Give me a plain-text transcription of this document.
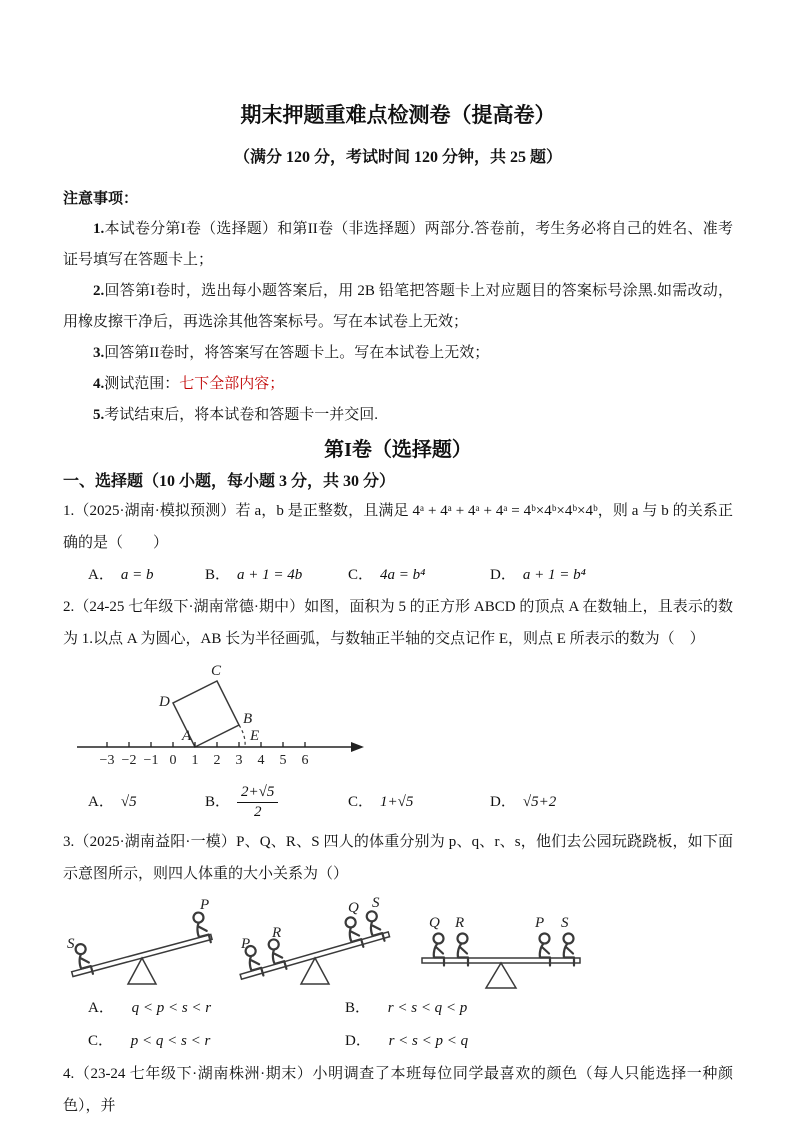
期末押题重难点检测卷（提高卷）
（满分 120 分，考试时间 120 分钟，共 25 题）
注意事项：

1.本试卷分第I卷（选择题）和第II卷（非选择题）两部分.答卷前，考生务必将自己的姓名、准考证号填写在答题卡上；

2.回答第I卷时，选出每小题答案后，用 2B 铅笔把答题卡上对应题目的答案标号涂黑.如需改动，用橡皮擦干净后，再选涂其他答案标号。写在本试卷上无效；

3.回答第II卷时，将答案写在答题卡上。写在本试卷上无效；

4.测试范围：七下全部内容；

5.考试结束后，将本试卷和答题卡一并交回.

第I卷（选择题）
一、选择题（10 小题，每小题 3 分，共 30 分）

1.（2025·湖南·模拟预测）若 a，b 是正整数，且满足 4ᵃ + 4ᵃ + 4ᵃ + 4ᵃ = 4ᵇ×4ᵇ×4ᵇ×4ᵇ，则 a 与 b 的关系正确的是（　　）

A． a = b	B． a + 1 = 4b	C． 4a = b⁴	D． a + 1 = b⁴

2.（24-25 七年级下·湖南常德·期中）如图，面积为 5 的正方形 ABCD 的顶点 A 在数轴上，且表示的数为 1.以点 A 为圆心，AB 长为半径画弧，与数轴正半轴的交点记作 E，则点 E 所表示的数为（　）

−3 −2 −1 0 1 2 3 4 5 6
A
B
C
D
E
A． √5	B． $\frac{2+√5}{2}$	C． 1+√5	D． √5+2

3.（2025·湖南益阳·一模）P、Q、R、S 四人的体重分别为 p、q、r、s，他们去公园玩跷跷板，如下面示意图所示，则四人体重的大小关系为（）

S
P
P
R
Q S
Q R	P S
A．
q < p < s < r	B．
r < s < q < p
C．
p < q < s < r	D．
r < s < p < q

4.（23-24 七年级下·湖南株洲·期末）小明调查了本班每位同学最喜欢的颜色（每人只能选择一种颜色），并
